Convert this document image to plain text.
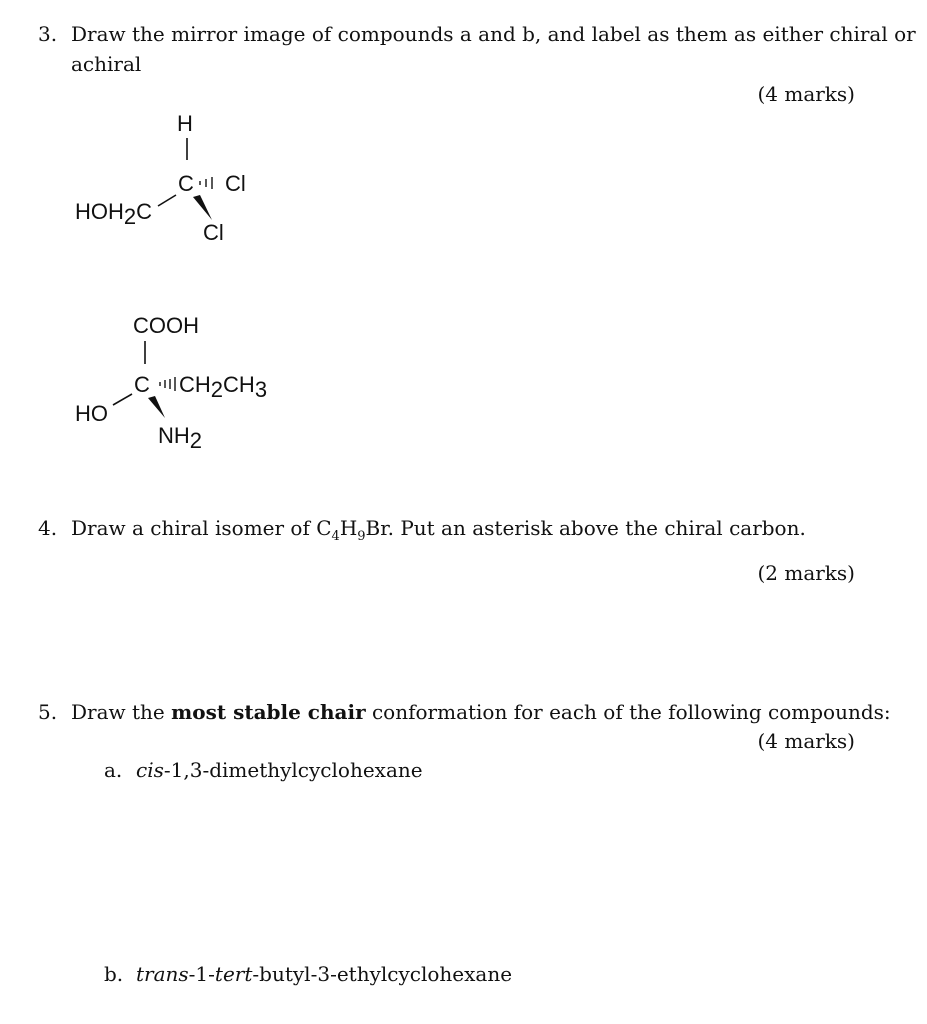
3. Draw the mirror image of compounds a and b, and label as them as either chiral or
achiral
(4 marks)
H
C Cl
Cl
HOH2C
COOH
C CH2CH3
HO
NH2
4. Draw a chiral isomer of $C_4H_9Br$. Put an asterisk above the chiral carbon.
(2 marks)
5. Draw the most stable chair conformation for each of the following compounds:
(4 marks)
a. cis-1,3-dimethylcyclohexane
b. trans-1-tert-butyl-3-ethylcyclohexane
